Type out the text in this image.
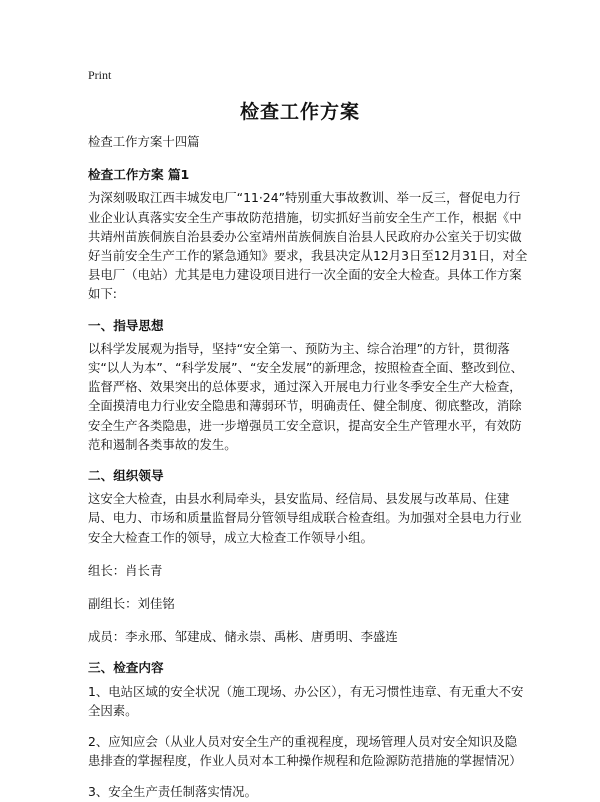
Print
检查工作方案

检查工作方案十四篇

检查工作方案 篇1

为深刻吸取江西丰城发电厂“11·24”特别重大事故教训、举一反三，督促电力行业企业认真落实安全生产事故防范措施，切实抓好当前安全生产工作，根据《中共靖州苗族侗族自治县委办公室靖州苗族侗族自治县人民政府办公室关于切实做好当前安全生产工作的紧急通知》要求，我县决定从12月3日至12月31日，对全县电厂（电站）尤其是电力建设项目进行一次全面的安全大检查。具体工作方案如下:

一、指导思想

以科学发展观为指导，坚持“安全第一、预防为主、综合治理”的方针，贯彻落实“以人为本”、“科学发展”、“安全发展”的新理念，按照检查全面、整改到位、监督严格、效果突出的总体要求，通过深入开展电力行业冬季安全生产大检查，全面摸清电力行业安全隐患和薄弱环节，明确责任、健全制度、彻底整改，消除安全生产各类隐患，进一步增强员工安全意识，提高安全生产管理水平，有效防范和遏制各类事故的发生。

二、组织领导

这安全大检查，由县水利局牵头，县安监局、经信局、县发展与改革局、住建局、电力、市场和质量监督局分管领导组成联合检查组。为加强对全县电力行业安全大检查工作的领导，成立大检查工作领导小组。

组长：肖长青

副组长：刘佳铭

成员：李永邢、邹建成、储永崇、禹彬、唐勇明、李盛连

三、检查内容

1、电站区域的安全状况（施工现场、办公区），有无习惯性违章、有无重大不安全因素。

2、应知应会（从业人员对安全生产的重视程度，现场管理人员对安全知识及隐患排查的掌握程度，作业人员对本工种操作规程和危险源防范措施的掌握情况）

3、安全生产责任制落实情况。
